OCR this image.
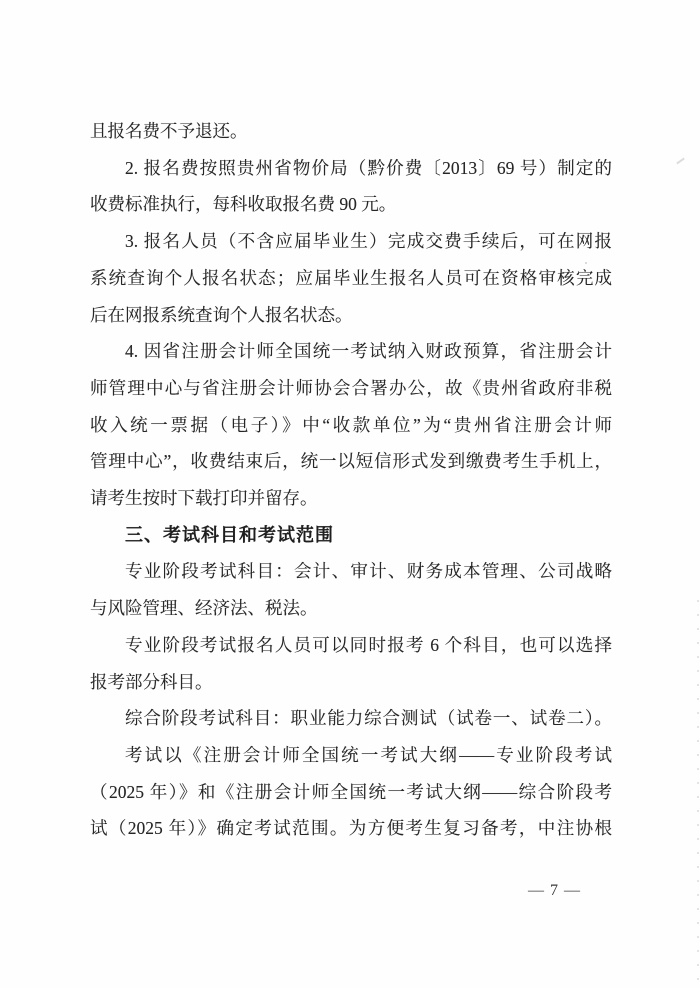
且报名费不予退还。
2. 报名费按照贵州省物价局（黔价费〔2013〕69 号）制定的
收费标准执行，每科收取报名费 90 元。
3. 报名人员（不含应届毕业生）完成交费手续后，可在网报
系统查询个人报名状态；应届毕业生报名人员可在资格审核完成
后在网报系统查询个人报名状态。
4. 因省注册会计师全国统一考试纳入财政预算，省注册会计
师管理中心与省注册会计师协会合署办公，故《贵州省政府非税
收入统一票据（电子）》中“收款单位”为“贵州省注册会计师
管理中心”，收费结束后，统一以短信形式发到缴费考生手机上，
请考生按时下载打印并留存。
三、考试科目和考试范围
专业阶段考试科目：会计、审计、财务成本管理、公司战略
与风险管理、经济法、税法。
专业阶段考试报名人员可以同时报考 6 个科目，也可以选择
报考部分科目。
综合阶段考试科目：职业能力综合测试（试卷一、试卷二）。
考试以《注册会计师全国统一考试大纲——专业阶段考试
（2025 年）》和《注册会计师全国统一考试大纲——综合阶段考
试（2025 年）》确定考试范围。为方便考生复习备考，中注协根
— 7 —
